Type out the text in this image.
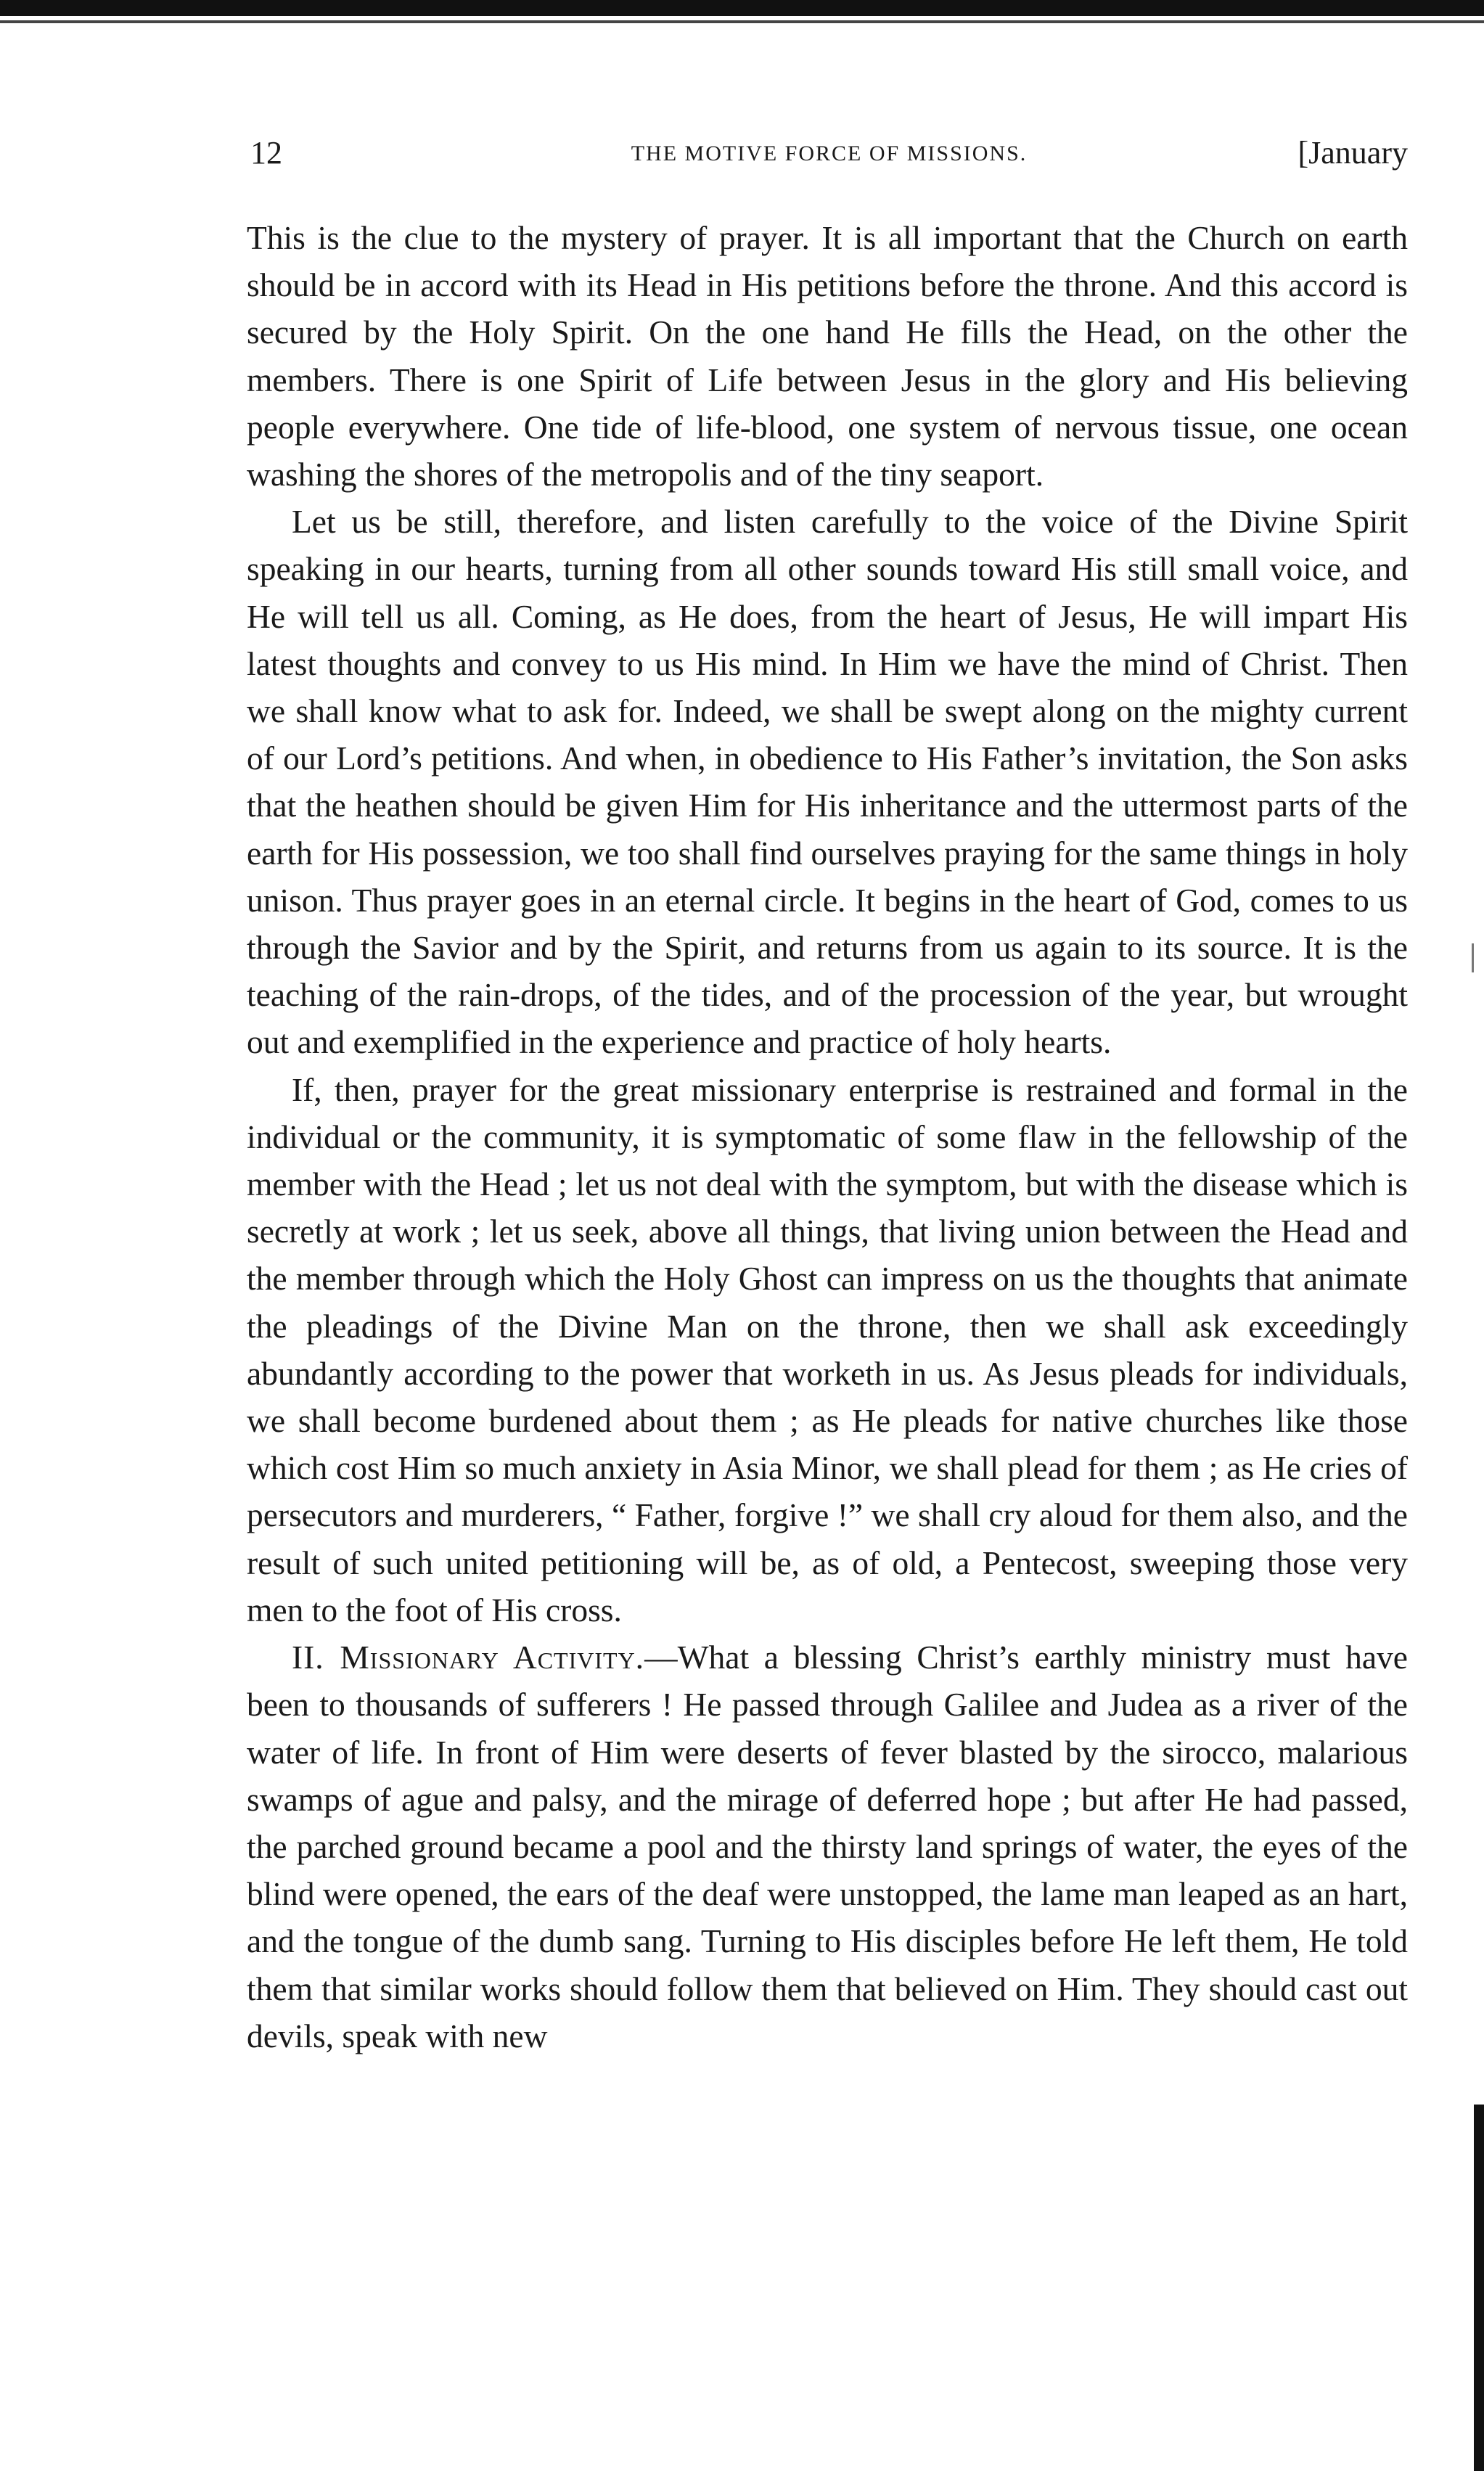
12	THE MOTIVE FORCE OF MISSIONS.	[January

This is the clue to the mystery of prayer. It is all important that the Church on earth should be in accord with its Head in His petitions before the throne. And this accord is secured by the Holy Spirit. On the one hand He fills the Head, on the other the members. There is one Spirit of Life between Jesus in the glory and His believing people everywhere. One tide of life-blood, one system of nervous tissue, one ocean washing the shores of the metropolis and of the tiny seaport.

Let us be still, therefore, and listen carefully to the voice of the Divine Spirit speaking in our hearts, turning from all other sounds toward His still small voice, and He will tell us all. Coming, as He does, from the heart of Jesus, He will impart His latest thoughts and convey to us His mind. In Him we have the mind of Christ. Then we shall know what to ask for. Indeed, we shall be swept along on the mighty current of our Lord’s petitions. And when, in obedience to His Father’s invitation, the Son asks that the heathen should be given Him for His inheritance and the uttermost parts of the earth for His possession, we too shall find ourselves praying for the same things in holy unison. Thus prayer goes in an eternal circle. It begins in the heart of God, comes to us through the Savior and by the Spirit, and returns from us again to its source. It is the teaching of the rain-drops, of the tides, and of the procession of the year, but wrought out and exemplified in the experience and practice of holy hearts.

If, then, prayer for the great missionary enterprise is restrained and formal in the individual or the community, it is symptomatic of some flaw in the fellowship of the member with the Head ; let us not deal with the symptom, but with the disease which is secretly at work ; let us seek, above all things, that living union between the Head and the member through which the Holy Ghost can impress on us the thoughts that animate the pleadings of the Divine Man on the throne, then we shall ask exceedingly abundantly according to the power that worketh in us. As Jesus pleads for individuals, we shall become burdened about them ; as He pleads for native churches like those which cost Him so much anxiety in Asia Minor, we shall plead for them ; as He cries of persecutors and murderers, “ Father, forgive !” we shall cry aloud for them also, and the result of such united petitioning will be, as of old, a Pentecost, sweeping those very men to the foot of His cross.

II. Missionary Activity.—What a blessing Christ’s earthly ministry must have been to thousands of sufferers ! He passed through Galilee and Judea as a river of the water of life. In front of Him were deserts of fever blasted by the sirocco, malarious swamps of ague and palsy, and the mirage of deferred hope ; but after He had passed, the parched ground became a pool and the thirsty land springs of water, the eyes of the blind were opened, the ears of the deaf were unstopped, the lame man leaped as an hart, and the tongue of the dumb sang. Turning to His disciples before He left them, He told them that similar works should follow them that believed on Him. They should cast out devils, speak with new
